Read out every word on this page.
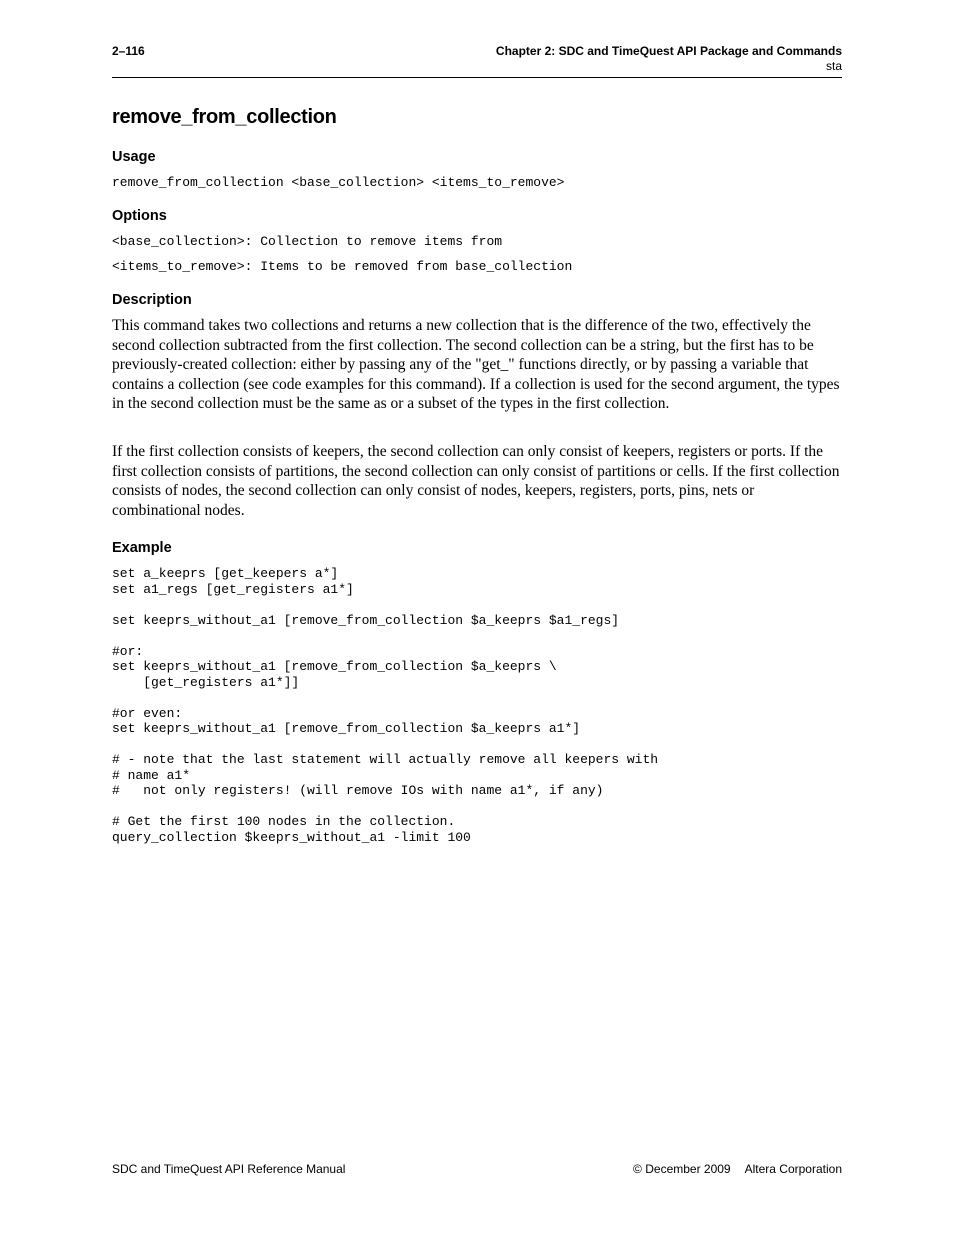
2–116	Chapter 2: SDC and TimeQuest API Package and Commands
sta
remove_from_collection
Usage
remove_from_collection <base_collection> <items_to_remove>
Options
<base_collection>: Collection to remove items from
<items_to_remove>: Items to be removed from base_collection
Description
This command takes two collections and returns a new collection that is the difference of the two, effectively the second collection subtracted from the first collection. The second collection can be a string, but the first has to be previously-created collection: either by passing any of the "get_" functions directly, or by passing a variable that contains a collection (see code examples for this command). If a collection is used for the second argument, the types in the second collection must be the same as or a subset of the types in the first collection.
If the first collection consists of keepers, the second collection can only consist of keepers, registers or ports. If the first collection consists of partitions, the second collection can only consist of partitions or cells. If the first collection consists of nodes, the second collection can only consist of nodes, keepers, registers, ports, pins, nets or combinational nodes.
Example
set a_keeprs [get_keepers a*]
set a1_regs [get_registers a1*]

set keeprs_without_a1 [remove_from_collection $a_keeprs $a1_regs]

#or:
set keeprs_without_a1 [remove_from_collection $a_keeprs \
[get_registers a1*]]

#or even:
set keeprs_without_a1 [remove_from_collection $a_keeprs a1*]

# - note that the last statement will actually remove all keepers with
# name a1*
#   not only registers! (will remove IOs with name a1*, if any)

# Get the first 100 nodes in the collection.
query_collection $keeprs_without_a1 -limit 100
SDC and TimeQuest API Reference Manual	© December 2009 Altera Corporation
